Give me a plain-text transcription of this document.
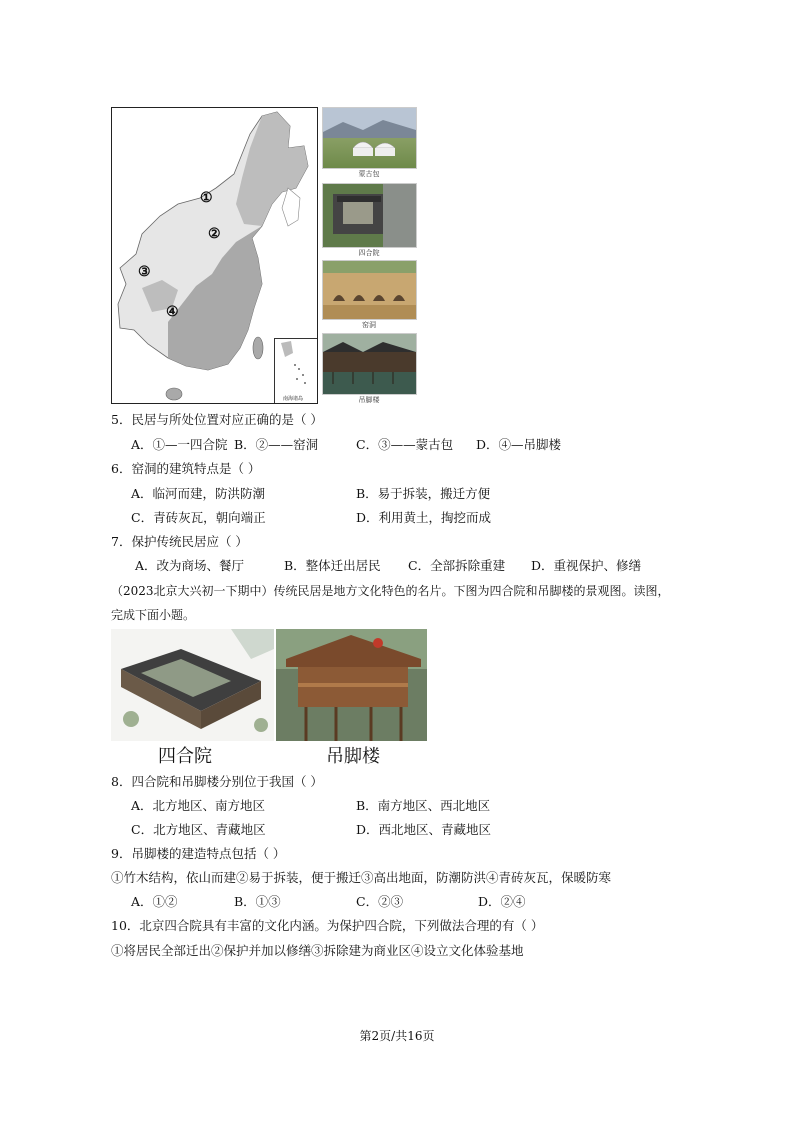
①
②
③
④
南海诸岛
蒙古包
四合院
窑洞
吊脚楼
5．民居与所处位置对应正确的是（ ）
A．①—一四合院 B．②——窑洞	C．③——蒙古包 D．④—吊脚楼
6．窑洞的建筑特点是（ ）
A．临河而建，防洪防潮	B．易于拆装，搬迁方便
C．青砖灰瓦，朝向端正	D．利用黄土，掏挖而成
7．保护传统民居应（ ）
A．改为商场、餐厅	B．整体迁出居民 C．全部拆除重建 D．重视保护、修缮
（2023北京大兴初一下期中）传统民居是地方文化特色的名片。下图为四合院和吊脚楼的景观图。读图，
完成下面小题。
四合院	吊脚楼
8．四合院和吊脚楼分别位于我国（ ）
A．北方地区、南方地区	B．南方地区、西北地区
C．北方地区、青藏地区	D．西北地区、青藏地区
9．吊脚楼的建造特点包括（ ）
①竹木结构，依山而建②易于拆装，便于搬迁③高出地面，防潮防洪④青砖灰瓦，保暖防寒
A．①②	B．①③	C．②③	D．②④
10．北京四合院具有丰富的文化内涵。为保护四合院，下列做法合理的有（ ）
①将居民全部迁出②保护并加以修缮③拆除建为商业区④设立文化体验基地
第2页/共16页
